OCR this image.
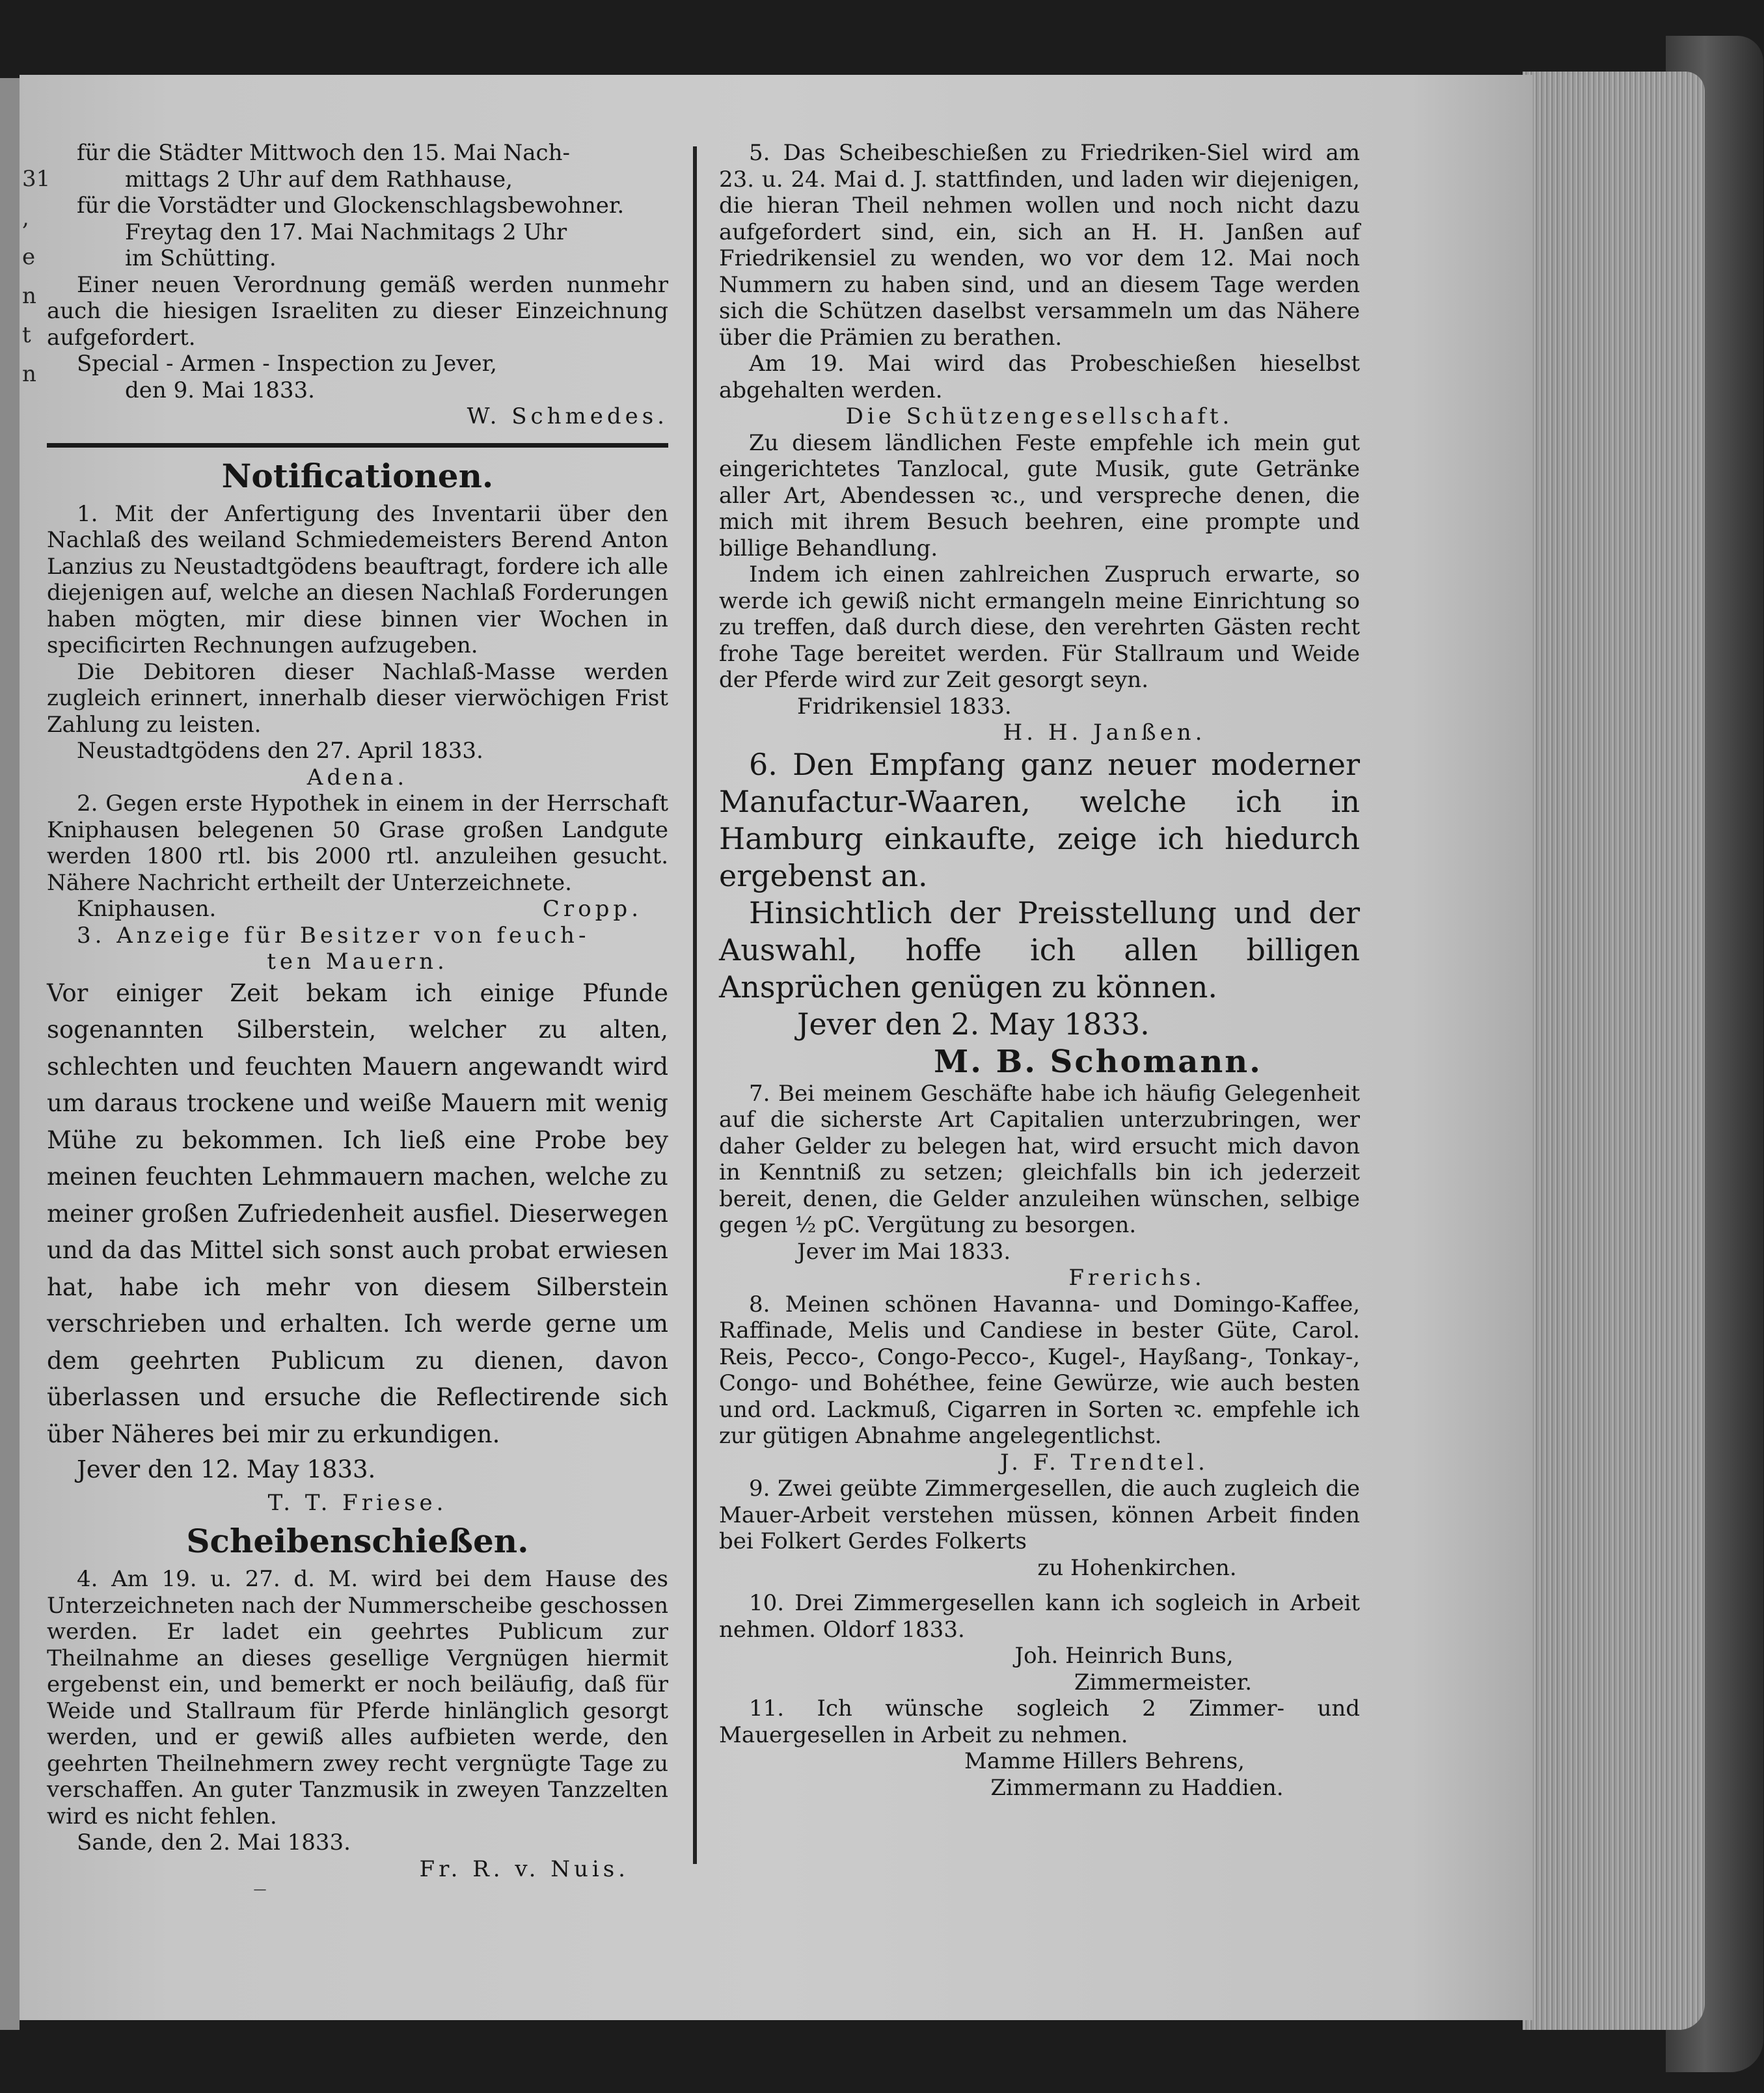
31
,
e
n
t
n

für die Städter Mittwoch den 15. Mai Nach-

mittags 2 Uhr auf dem Rathhause,

für die Vorstädter und Glockenschlagsbewohner.

Freytag den 17. Mai Nachmitags 2 Uhr

im Schütting.

Einer neuen Verordnung gemäß werden nunmehr auch die hiesigen Israeliten zu dieser Einzeichnung aufgefordert.

Special - Armen - Inspection zu Jever,

den 9. Mai 1833.

W. Schmedes.

Notificationen.

1. Mit der Anfertigung des Inventarii über den Nachlaß des weiland Schmiedemeisters Berend Anton Lanzius zu Neustadtgödens beauftragt, fordere ich alle diejenigen auf, welche an diesen Nachlaß Forderungen haben mögten, mir diese binnen vier Wochen in specificirten Rechnungen aufzugeben.

Die Debitoren dieser Nachlaß-Masse werden zugleich erinnert, innerhalb dieser vierwöchigen Frist Zahlung zu leisten.

Neustadtgödens den 27. April 1833.

Adena.

2. Gegen erste Hypothek in einem in der Herrschaft Kniphausen belegenen 50 Grase großen Landgute werden 1800 rtl. bis 2000 rtl. anzuleihen gesucht. Nähere Nachricht ertheilt der Unterzeichnete.

Kniphausen.	Cropp.

3. Anzeige für Besitzer von feuch-

ten Mauern.

Vor einiger Zeit bekam ich einige Pfunde sogenannten Silberstein, welcher zu alten, schlechten und feuchten Mauern angewandt wird um daraus trockene und weiße Mauern mit wenig Mühe zu bekommen. Ich ließ eine Probe bey meinen feuchten Lehmmauern machen, welche zu meiner großen Zufriedenheit ausfiel. Dieserwegen und da das Mittel sich sonst auch probat erwiesen hat, habe ich mehr von diesem Silberstein verschrieben und erhalten. Ich werde gerne um dem geehrten Publicum zu dienen, davon überlassen und ersuche die Reflectirende sich über Näheres bei mir zu erkundigen.

Jever den 12. May 1833.

T. T. Friese.

Scheibenschießen.

4. Am 19. u. 27. d. M. wird bei dem Hause des Unterzeichneten nach der Nummerscheibe geschossen werden. Er ladet ein geehrtes Publicum zur Theilnahme an dieses gesellige Vergnügen hiermit ergebenst ein, und bemerkt er noch beiläufig, daß für Weide und Stallraum für Pferde hinlänglich gesorgt werden, und er gewiß alles aufbieten werde, den geehrten Theilnehmern zwey recht vergnügte Tage zu verschaffen. An guter Tanzmusik in zweyen Tanzzelten wird es nicht fehlen.

Sande, den 2. Mai 1833.

Fr. R. v. Nuis.

—

5. Das Scheibeschießen zu Friedriken-Siel wird am 23. u. 24. Mai d. J. stattfinden, und laden wir diejenigen, die hieran Theil nehmen wollen und noch nicht dazu aufgefordert sind, ein, sich an H. H. Janßen auf Friedrikensiel zu wenden, wo vor dem 12. Mai noch Nummern zu haben sind, und an diesem Tage werden sich die Schützen daselbst versammeln um das Nähere über die Prämien zu berathen.

Am 19. Mai wird das Probeschießen hieselbst abgehalten werden.

Die Schützengesellschaft.

Zu diesem ländlichen Feste empfehle ich mein gut eingerichtetes Tanzlocal, gute Musik, gute Getränke aller Art, Abendessen ꝛc., und verspreche denen, die mich mit ihrem Besuch beehren, eine prompte und billige Behandlung.

Indem ich einen zahlreichen Zuspruch erwarte, so werde ich gewiß nicht ermangeln meine Einrichtung so zu treffen, daß durch diese, den verehrten Gästen recht frohe Tage bereitet werden. Für Stallraum und Weide der Pferde wird zur Zeit gesorgt seyn.

Fridrikensiel 1833.

H. H. Janßen.

6. Den Empfang ganz neuer moderner Manufactur-Waaren, welche ich in Hamburg einkaufte, zeige ich hiedurch ergebenst an.

Hinsichtlich der Preisstellung und der Auswahl, hoffe ich allen billigen Ansprüchen genügen zu können.

Jever den 2. May 1833.

M. B. Schomann.

7. Bei meinem Geschäfte habe ich häufig Gelegenheit auf die sicherste Art Capitalien unterzubringen, wer daher Gelder zu belegen hat, wird ersucht mich davon in Kenntniß zu setzen; gleichfalls bin ich jederzeit bereit, denen, die Gelder anzuleihen wünschen, selbige gegen ½ pC. Vergütung zu besorgen.

Jever im Mai 1833.

Frerichs.

8. Meinen schönen Havanna- und Domingo-Kaffee, Raffinade, Melis und Candiese in bester Güte, Carol. Reis, Pecco-, Congo-Pecco-, Kugel-, Hayßang-, Tonkay-, Congo- und Bohéthee, feine Gewürze, wie auch besten und ord. Lackmuß, Cigarren in Sorten ꝛc. empfehle ich zur gütigen Abnahme angelegentlichst.

J. F. Trendtel.

9. Zwei geübte Zimmergesellen, die auch zugleich die Mauer-Arbeit verstehen müssen, können Arbeit finden bei Folkert Gerdes Folkerts

zu Hohenkirchen.

10. Drei Zimmergesellen kann ich sogleich in Arbeit nehmen. Oldorf 1833.

Joh. Heinrich Buns,

Zimmermeister.

11. Ich wünsche sogleich 2 Zimmer- und Mauergesellen in Arbeit zu nehmen.

Mamme Hillers Behrens,

Zimmermann zu Haddien.
